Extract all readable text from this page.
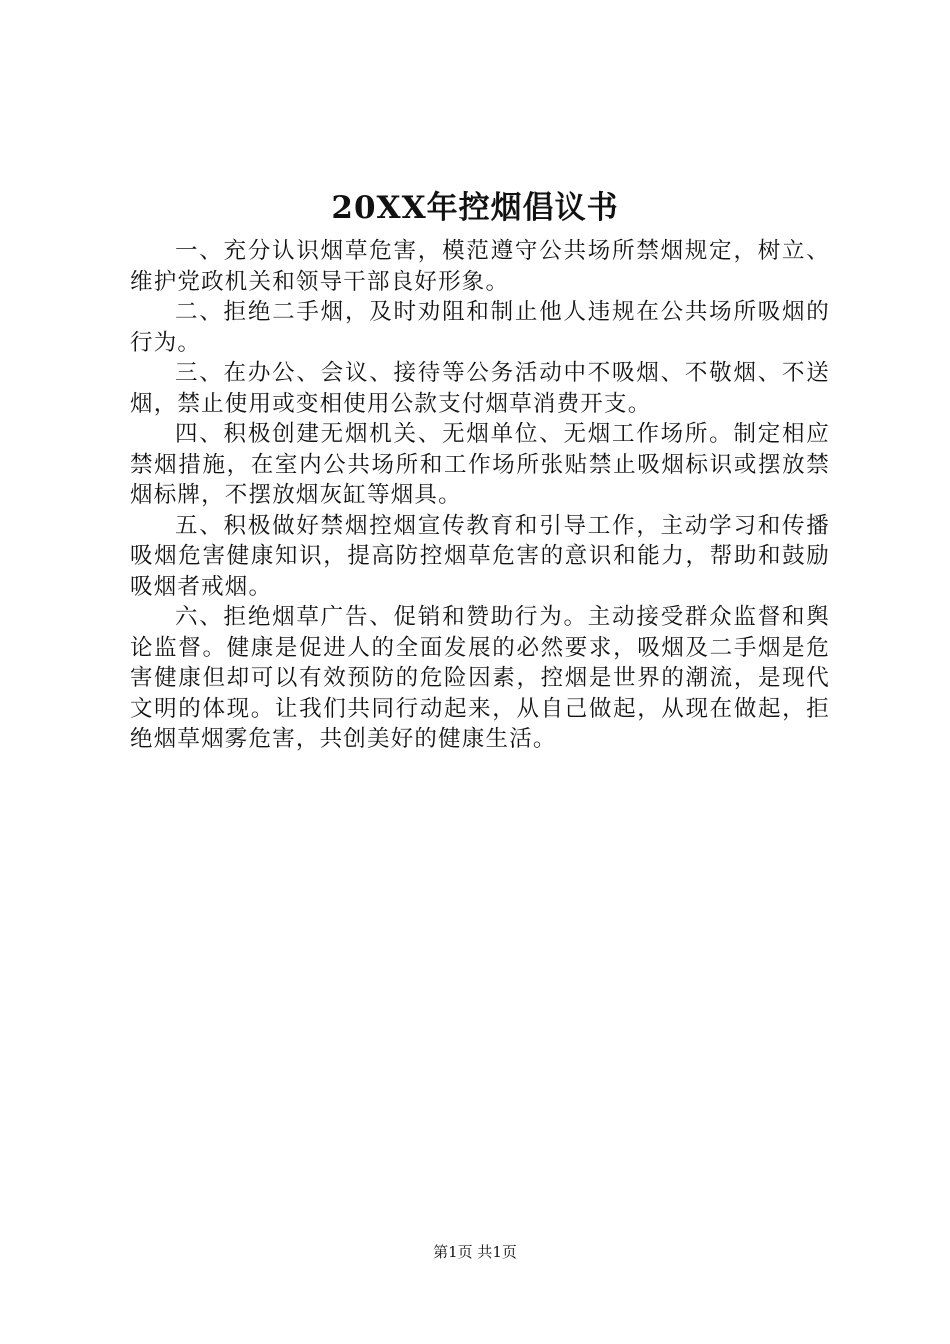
20XX年控烟倡议书

一、充分认识烟草危害，模范遵守公共场所禁烟规定，树立、维护党政机关和领导干部良好形象。

二、拒绝二手烟，及时劝阻和制止他人违规在公共场所吸烟的行为。

三、在办公、会议、接待等公务活动中不吸烟、不敬烟、不送烟，禁止使用或变相使用公款支付烟草消费开支。

四、积极创建无烟机关、无烟单位、无烟工作场所。制定相应禁烟措施，在室内公共场所和工作场所张贴禁止吸烟标识或摆放禁烟标牌，不摆放烟灰缸等烟具。

五、积极做好禁烟控烟宣传教育和引导工作，主动学习和传播吸烟危害健康知识，提高防控烟草危害的意识和能力，帮助和鼓励吸烟者戒烟。

六、拒绝烟草广告、促销和赞助行为。主动接受群众监督和舆论监督。健康是促进人的全面发展的必然要求，吸烟及二手烟是危害健康但却可以有效预防的危险因素，控烟是世界的潮流，是现代文明的体现。让我们共同行动起来，从自己做起，从现在做起，拒绝烟草烟雾危害，共创美好的健康生活。

第1页 共1页
